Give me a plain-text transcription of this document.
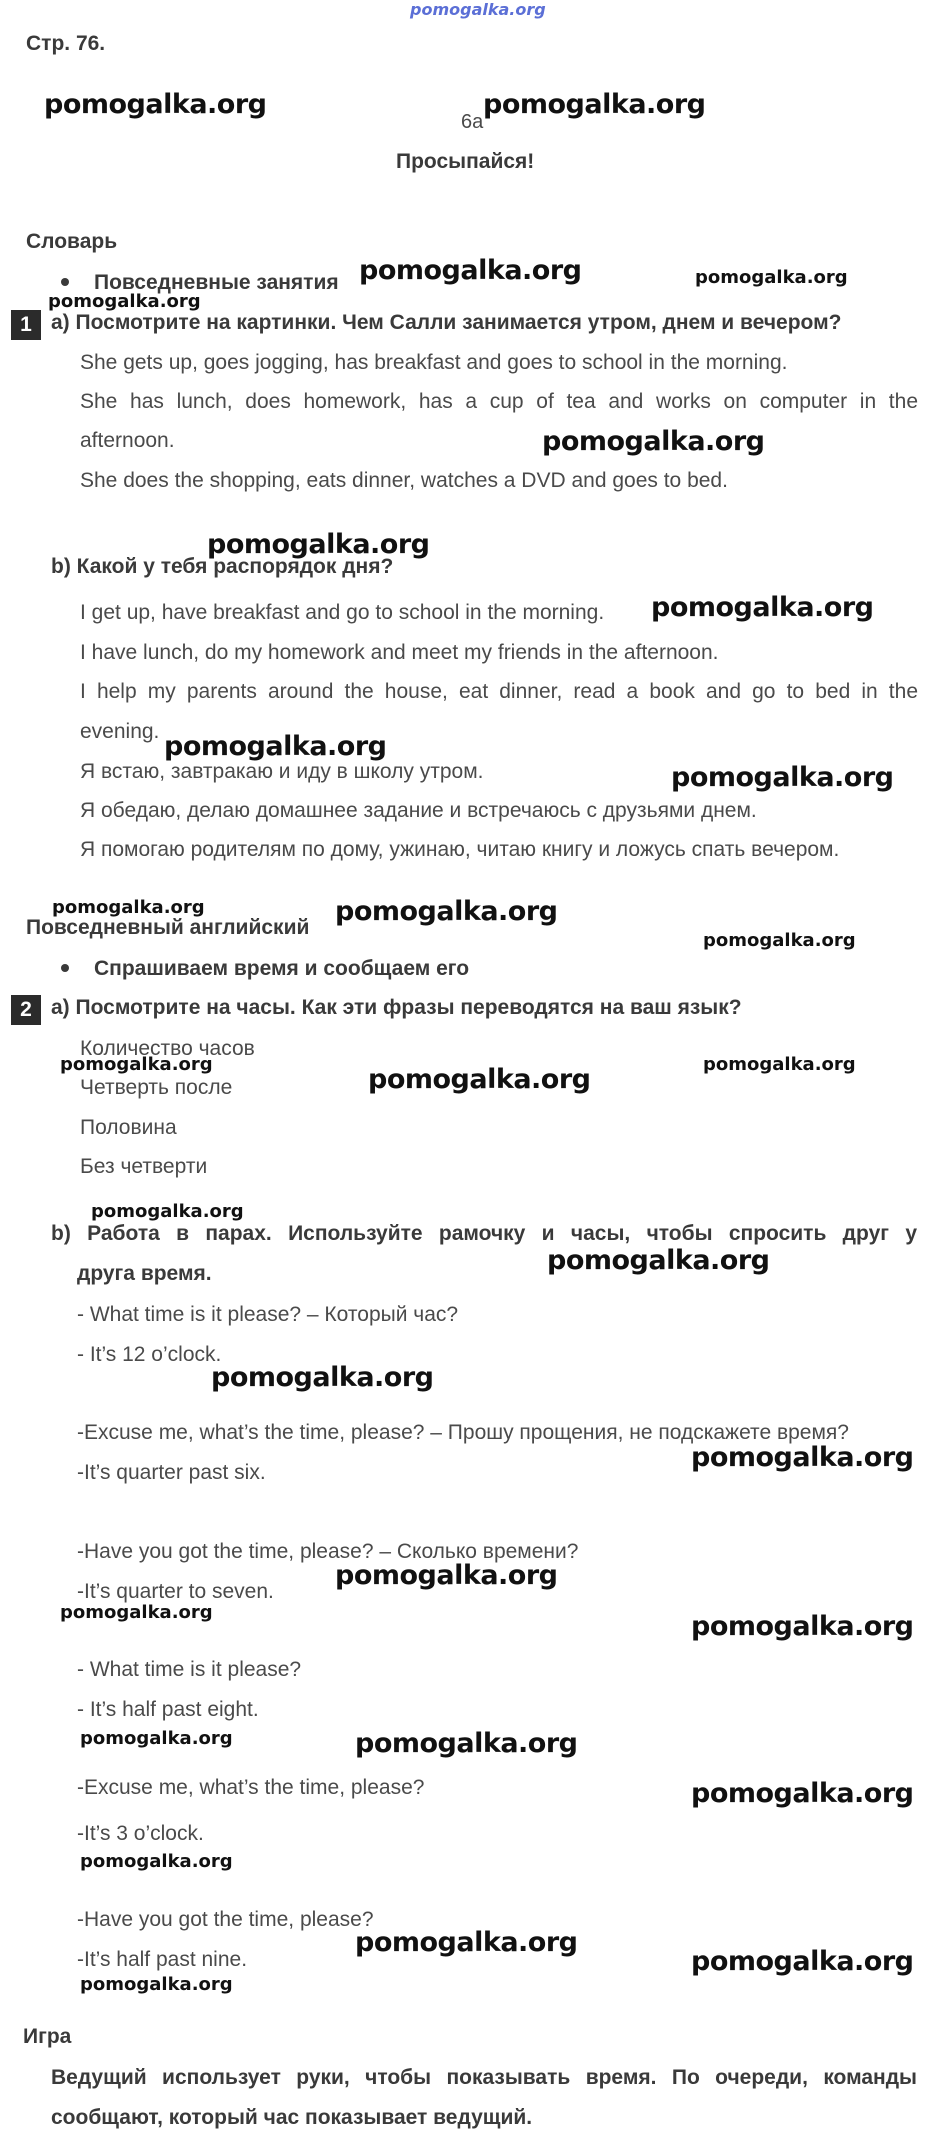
pomogalka.org
Стр. 76.
6a
Просыпайся!
Словарь
Повседневные занятия
1 a) Посмотрите на картинки. Чем Салли занимается утром, днем и вечером?
She gets up, goes jogging, has breakfast and goes to school in the morning.
She has lunch, does homework, has a cup of tea and works on computer in the
afternoon.
She does the shopping, eats dinner, watches a DVD and goes to bed.
b) Какой у тебя распорядок дня?
I get up, have breakfast and go to school in the morning.
I have lunch, do my homework and meet my friends in the afternoon.
I help my parents around the house, eat dinner, read a book and go to bed in the
evening.
Я встаю, завтракаю и иду в школу утром.
Я обедаю, делаю домашнее задание и встречаюсь с друзьями днем.
Я помогаю родителям по дому, ужинаю, читаю книгу и ложусь спать вечером.
Повседневный английский
Спрашиваем время и сообщаем его
2 a) Посмотрите на часы. Как эти фразы переводятся на ваш язык?
Количество часов
Четверть после
Половина
Без четверти
b) Работа в парах. Используйте рамочку и часы, чтобы спросить друг у
друга время.
- What time is it please? – Который час?
- It’s 12 o’clock.
-Excuse me, what’s the time, please? – Прошу прощения, не подскажете время?
-It’s quarter past six.
-Have you got the time, please? – Сколько времени?
-It’s quarter to seven.
- What time is it please?
- It’s half past eight.
-Excuse me, what’s the time, please?
-It’s 3 o’clock.
-Have you got the time, please?
-It’s half past nine.
Игра
Ведущий использует руки, чтобы показывать время. По очереди, команды
сообщают, который час показывает ведущий.
pomogalka.org	pomogalka.org
pomogalka.org	pomogalka.org
pomogalka.org
pomogalka.org
pomogalka.org
pomogalka.org
pomogalka.org
pomogalka.org
pomogalka.org	pomogalka.org
pomogalka.org
pomogalka.org	pomogalka.org
pomogalka.org
pomogalka.org
pomogalka.org
pomogalka.org
pomogalka.org
pomogalka.org
pomogalka.org	pomogalka.org
pomogalka.org	pomogalka.org
pomogalka.org
pomogalka.org
pomogalka.org
pomogalka.org
pomogalka.org
